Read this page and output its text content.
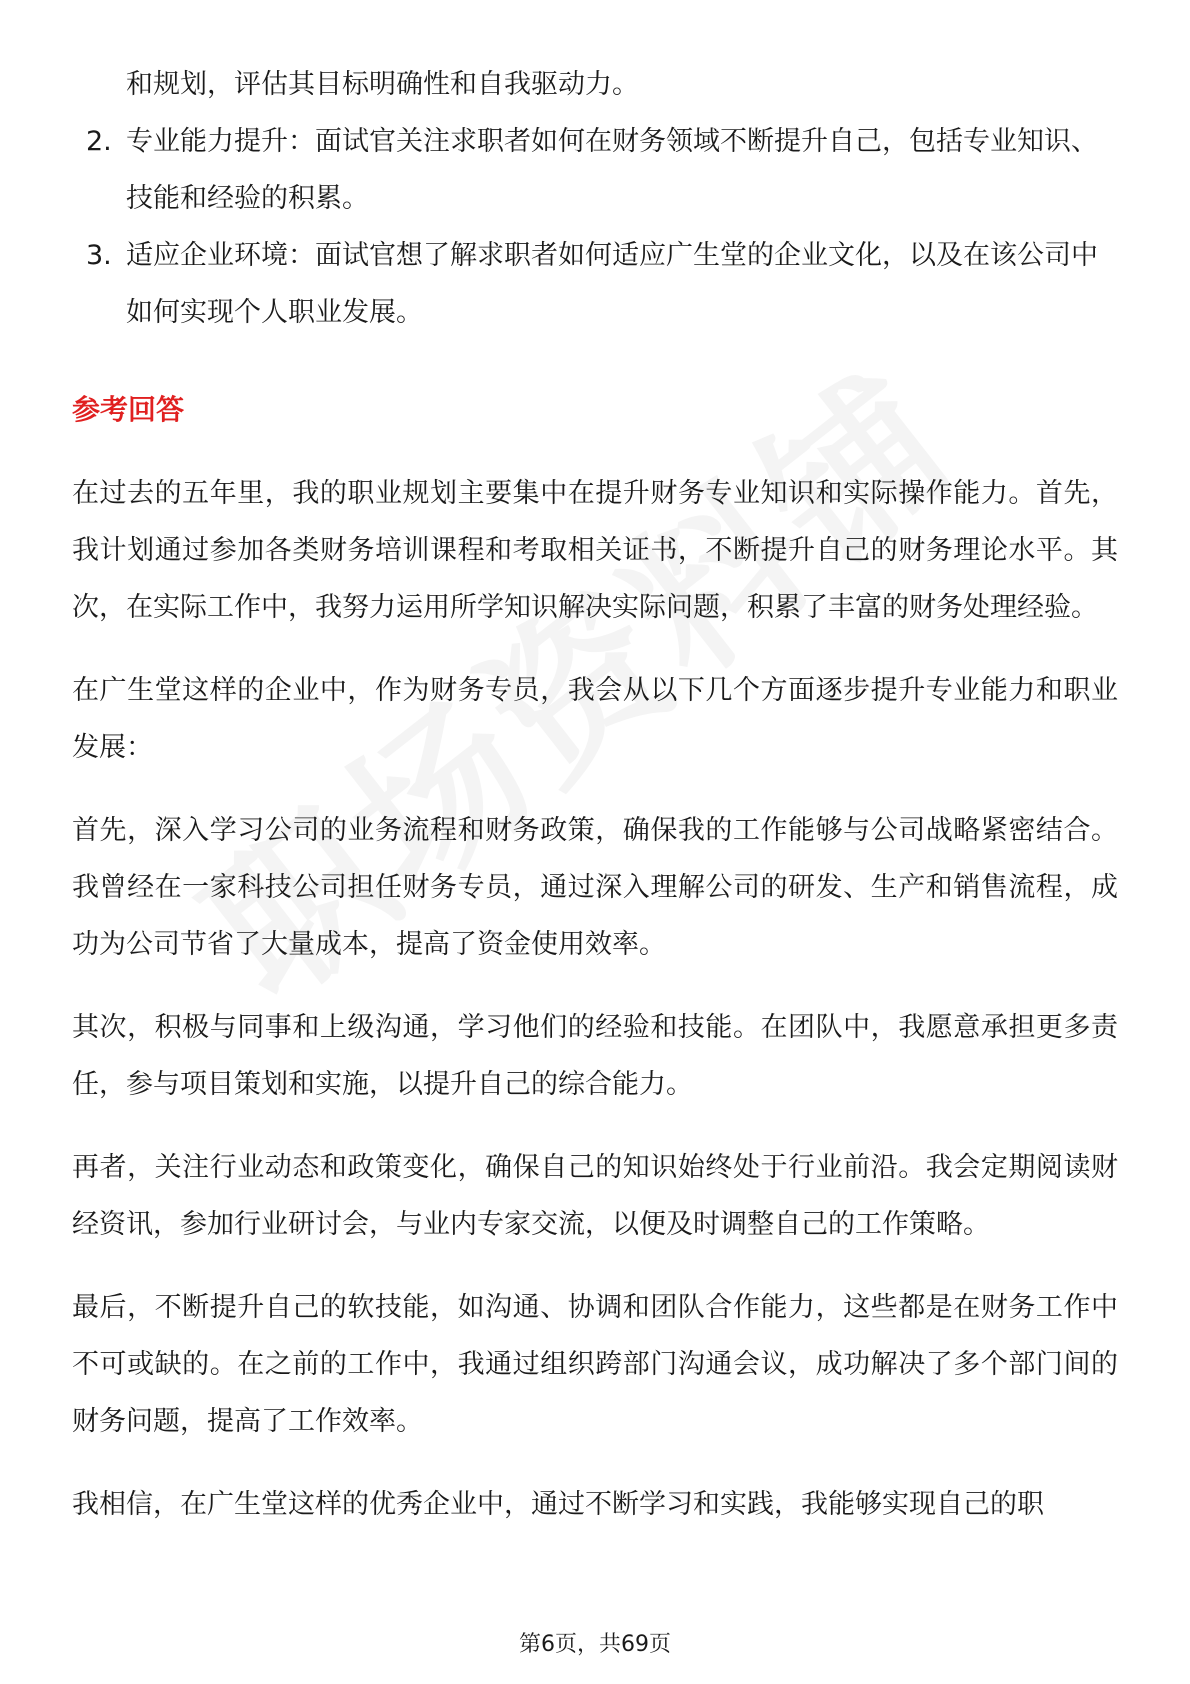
和规划，评估其目标明确性和自我驱动力。

2. 专业能力提升：面试官关注求职者如何在财务领域不断提升自己，包括专业知识、技能和经验的积累。
3. 适应企业环境：面试官想了解求职者如何适应广生堂的企业文化，以及在该公司中如何实现个人职业发展。
参考回答

在过去的五年里，我的职业规划主要集中在提升财务专业知识和实际操作能力。首先，我计划通过参加各类财务培训课程和考取相关证书，不断提升自己的财务理论水平。其次，在实际工作中，我努力运用所学知识解决实际问题，积累了丰富的财务处理经验。

在广生堂这样的企业中，作为财务专员，我会从以下几个方面逐步提升专业能力和职业发展：

首先，深入学习公司的业务流程和财务政策，确保我的工作能够与公司战略紧密结合。我曾经在一家科技公司担任财务专员，通过深入理解公司的研发、生产和销售流程，成功为公司节省了大量成本，提高了资金使用效率。

其次，积极与同事和上级沟通，学习他们的经验和技能。在团队中，我愿意承担更多责任，参与项目策划和实施，以提升自己的综合能力。

再者，关注行业动态和政策变化，确保自己的知识始终处于行业前沿。我会定期阅读财经资讯，参加行业研讨会，与业内专家交流，以便及时调整自己的工作策略。

最后，不断提升自己的软技能，如沟通、协调和团队合作能力，这些都是在财务工作中不可或缺的。在之前的工作中，我通过组织跨部门沟通会议，成功解决了多个部门间的财务问题，提高了工作效率。

我相信，在广生堂这样的优秀企业中，通过不断学习和实践，我能够实现自己的职

第6页，共69页
